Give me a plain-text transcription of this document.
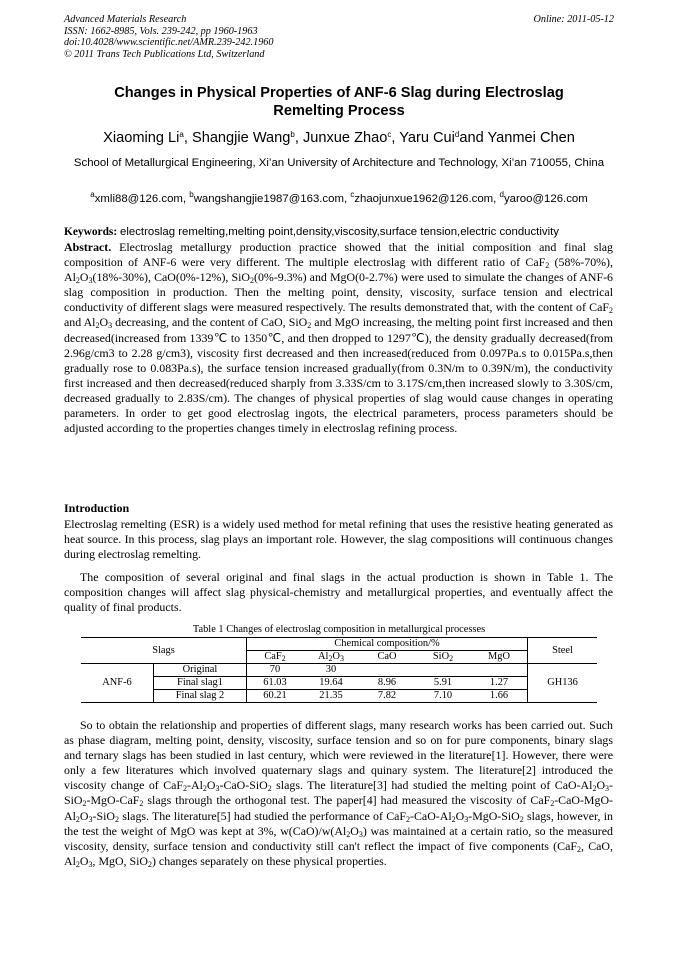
Advanced Materials Research
ISSN: 1662-8985, Vols. 239-242, pp 1960-1963
doi:10.4028/www.scientific.net/AMR.239-242.1960
© 2011 Trans Tech Publications Ltd, Switzerland
Online: 2011-05-12
Changes in Physical Properties of ANF-6 Slag during Electroslag
Remelting Process
Xiaoming Li$^a$, Shangjie Wang$^b$, Junxue Zhao$^c$, Yaru Cui$^d$and Yanmei Chen
School of Metallurgical Engineering, Xi’an University of Architecture and Technology, Xi’an 710055, China
$^a$xmli88@126.com, $^b$wangshangjie1987@163.com, $^c$zhaojunxue1962@126.com, $^d$yaroo@126.com
Keywords: electroslag remelting,melting point,density,viscosity,surface tension,electric conductivity
Abstract. Electroslag metallurgy production practice showed that the initial composition and final slag composition of ANF-6 were very different. The multiple electroslag with different ratio of CaF$_2$ (58%-70%), $Al_2O_3(18\%-30\%)$, CaO(0%-12%), SiO$_2$(0%-9.3%) and MgO(0-2.7%) were used to simulate the changes of ANF-6 slag composition in production. Then the melting point, density, viscosity, surface tension and electrical conductivity of different slags were measured respectively. The results demonstrated that, with the content of CaF$_2$ and $Al_2O_3$ decreasing, and the content of CaO, SiO$_2$ and MgO increasing, the melting point first increased and then decreased(increased from 1339℃ to 1350℃, and then dropped to 1297℃), the density gradually decreased(from 2.96g/cm3 to 2.28 g/cm3), viscosity first decreased and then increased(reduced from 0.097Pa.s to 0.015Pa.s,then gradually rose to 0.083Pa.s), the surface tension increased gradually(from 0.3N/m to 0.39N/m), the conductivity first increased and then decreased(reduced sharply from 3.33S/cm to 3.17S/cm,then increased slowly to 3.30S/cm, decreased gradually to 2.83S/cm). The changes of physical properties of slag would cause changes in operating parameters. In order to get good electroslag ingots, the electrical parameters, process parameters should be adjusted according to the properties changes timely in electroslag refining process.
Introduction
Electroslag remelting (ESR) is a widely used method for metal refining that uses the resistive heating generated as heat source. In this process, slag plays an important role. However, the slag compositions will continuous changes during electroslag remelting.
The composition of several original and final slags in the actual production is shown in Table 1. The composition changes will affect slag physical-chemistry and metallurgical properties, and eventually affect the quality of final products.
Table 1 Changes of electroslag composition in metallurgical processes
Slags		Chemical composition/%					Steel
		CaF$_2$	$Al_2O_3$	CaO	SiO$_2$	MgO	
ANF-6	Original	70	30				GH136
	Final slag1	61.03	19.64	8.96	5.91	1.27	
	Final slag 2	60.21	21.35	7.82	7.10	1.66	
So to obtain the relationship and properties of different slags, many research works has been carried out. Such as phase diagram, melting point, density, viscosity, surface tension and so on for pure components, binary slags and ternary slags has been studied in last century, which were reviewed in the literature[1]. However, there were only a few literatures which involved quaternary slags and quinary system. The literature[2] introduced the viscosity change of $CaF_2-Al_2O_3-CaO-SiO_2$ slags. The literature[3] had studied the melting point of CaO-$Al_2O_3-SiO_2-MgO-CaF_2$ slags through the orthogonal test. The paper[4] had measured the viscosity of $CaF_2-CaO-MgO-Al_2O_3-SiO_2$ slags. The literature[5] had studied the performance of $CaF_2-CaO-Al_2O_3-MgO-SiO_2$ slags, however, in the test the weight of MgO was kept at 3%, $w(CaO)/w(Al_2O_3)$ was maintained at a certain ratio, so the measured viscosity, density, surface tension and conductivity still can't reflect the impact of five components (CaF$_2$, CaO, $Al_2O_3$, MgO, SiO$_2$) changes separately on these physical properties.
